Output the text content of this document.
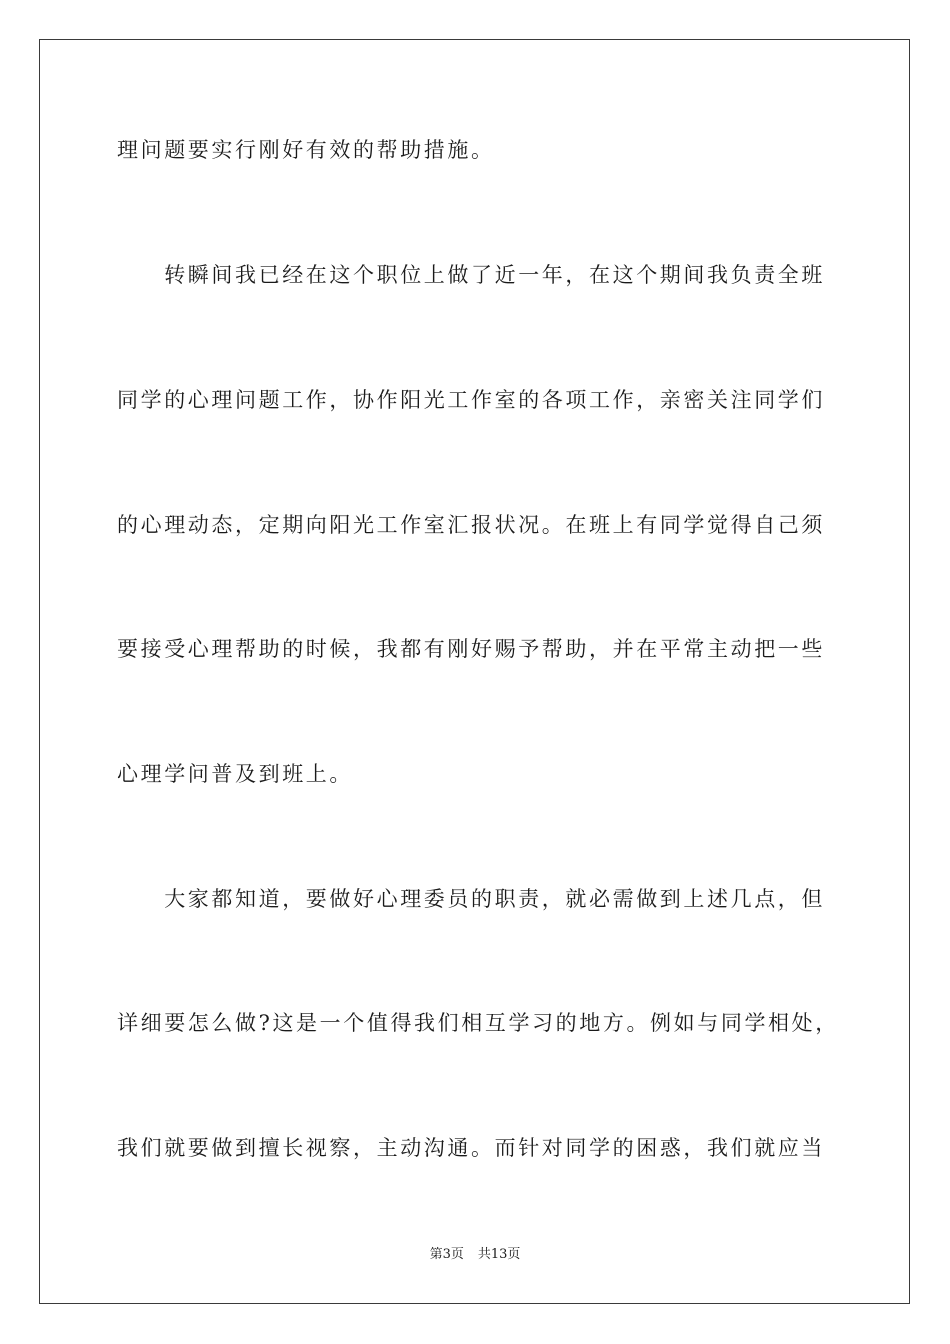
理问题要实行刚好有效的帮助措施。
　　转瞬间我已经在这个职位上做了近一年，在这个期间我负责全班
同学的心理问题工作，协作阳光工作室的各项工作，亲密关注同学们
的心理动态，定期向阳光工作室汇报状况。在班上有同学觉得自己须
要接受心理帮助的时候，我都有刚好赐予帮助，并在平常主动把一些
心理学问普及到班上。
　　大家都知道，要做好心理委员的职责，就必需做到上述几点，但
详细要怎么做?这是一个值得我们相互学习的地方。例如与同学相处，
我们就要做到擅长视察，主动沟通。而针对同学的困惑，我们就应当
第3页 共13页
